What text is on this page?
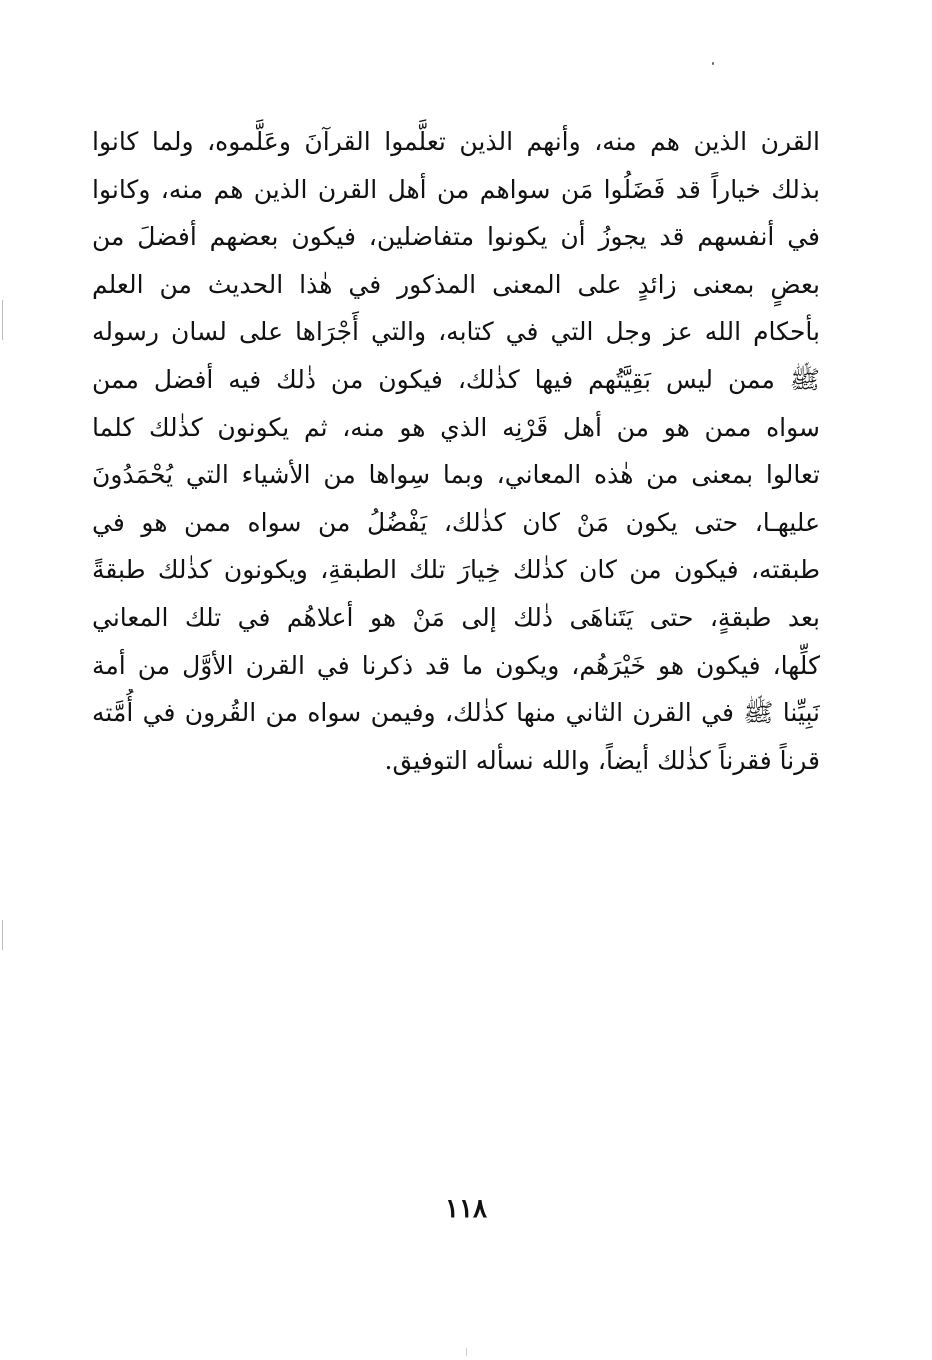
القرن الذين هم منه، وأنهم الذين تعلَّموا القرآنَ وعَلَّموه، ولما كانوا
بذلك خياراً قد فَضَلُوا مَن سواهم من أهل القرن الذين هم منه، وكانوا
في أنفسهم قد يجوزُ أن يكونوا متفاضلين، فيكون بعضهم أفضلَ من
بعضٍ بمعنى زائدٍ على المعنى المذكور في هٰذا الحديث من العلم
بأحكام الله عز وجل التي في كتابه، والتي أَجْرَاها على لسان رسوله
ﷺ ممن ليس بَقِيَّتُهم فيها كذٰلك، فيكون من ذٰلك فيه أفضل ممن
سواه ممن هو من أهل قَرْنِه الذي هو منه، ثم يكونون كذٰلك كلما
تعالوا بمعنى من هٰذه المعاني، وبما سِواها من الأشياء التي يُحْمَدُونَ
عليهـا، حتى يكون مَنْ كان كذٰلك، يَفْضُلُ من سواه ممن هو في
طبقته، فيكون من كان كذٰلك خِيارَ تلك الطبقةِ، ويكونون كذٰلك طبقةً
بعد طبقةٍ، حتى يَتَناهَى ذٰلك إلى مَنْ هو أعلاهُم في تلك المعاني
كلِّها، فيكون هو خَيْرَهُم، ويكون ما قد ذكرنا في القرن الأوَّل من أمة
نَبِيِّنا ﷺ في القرن الثاني منها كذٰلك، وفيمن سواه من القُرون في أُمَّته
قرناً فقرناً كذٰلك أيضاً، والله نسأله التوفيق.
١١٨
